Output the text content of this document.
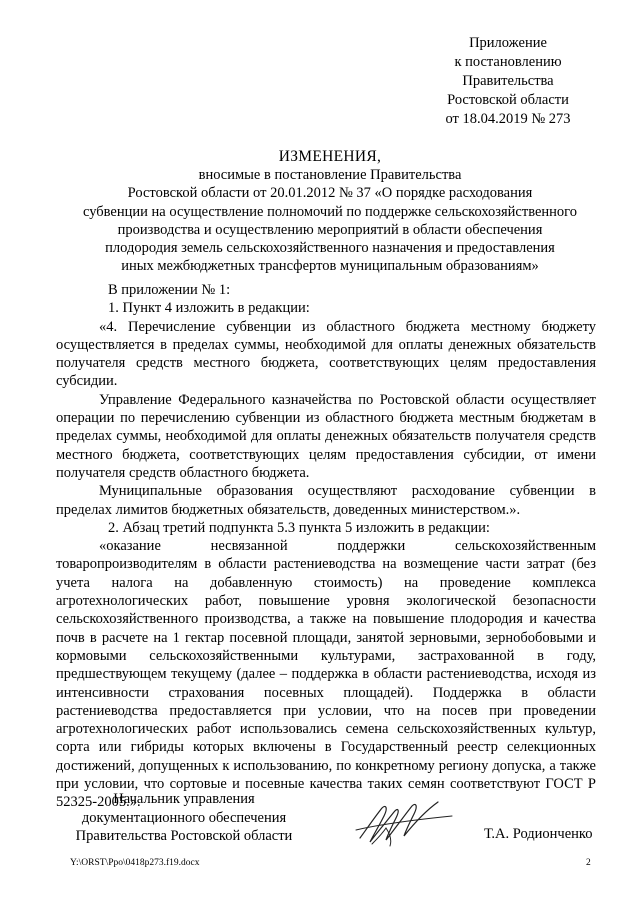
Приложение
к постановлению
Правительства
Ростовской области
от 18.04.2019 № 273
ИЗМЕНЕНИЯ,
вносимые в постановление Правительства
Ростовской области от 20.01.2012 № 37 «О порядке расходования
субвенции на осуществление полномочий по поддержке сельскохозяйственного
производства и осуществлению мероприятий в области обеспечения
плодородия земель сельскохозяйственного назначения и предоставления
иных межбюджетных трансфертов муниципальным образованиям»

В приложении № 1:

1. Пункт 4 изложить в редакции:

«4. Перечисление субвенции из областного бюджета местному бюджету осуществляется в пределах суммы, необходимой для оплаты денежных обязательств получателя средств местного бюджета, соответствующих целям предоставления субсидии.

Управление Федерального казначейства по Ростовской области осуществляет операции по перечислению субвенции из областного бюджета местным бюджетам в пределах суммы, необходимой для оплаты денежных обязательств получателя средств местного бюджета, соответствующих целям предоставления субсидии, от имени получателя средств областного бюджета.

Муниципальные образования осуществляют расходование субвенции в пределах лимитов бюджетных обязательств, доведенных министерством.».

2. Абзац третий подпункта 5.3 пункта 5 изложить в редакции:

«оказание несвязанной поддержки сельскохозяйственным товаропроизводителям в области растениеводства на возмещение части затрат (без учета налога на добавленную стоимость) на проведение комплекса агротехнологических работ, повышение уровня экологической безопасности сельскохозяйственного производства, а также на повышение плодородия и качества почв в расчете на 1 гектар посевной площади, занятой зерновыми, зернобобовыми и кормовыми сельскохозяйственными культурами, застрахованной в году, предшествующем текущему (далее – поддержка в области растениеводства, исходя из интенсивности страхования посевных площадей). Поддержка в области растениеводства предоставляется при условии, что на посев при проведении агротехнологических работ использовались семена сельскохозяйственных культур, сорта или гибриды которых включены в Государственный реестр селекционных достижений, допущенных к использованию, по конкретному региону допуска, а также при условии, что сортовые и посевные качества таких семян соответствуют ГОСТ Р 52325-2005.».

Начальник управления
документационного обеспечения
Правительства Ростовской области	Т.А. Родионченко
Y:\ORST\Ppo\0418p273.f19.docx	2
